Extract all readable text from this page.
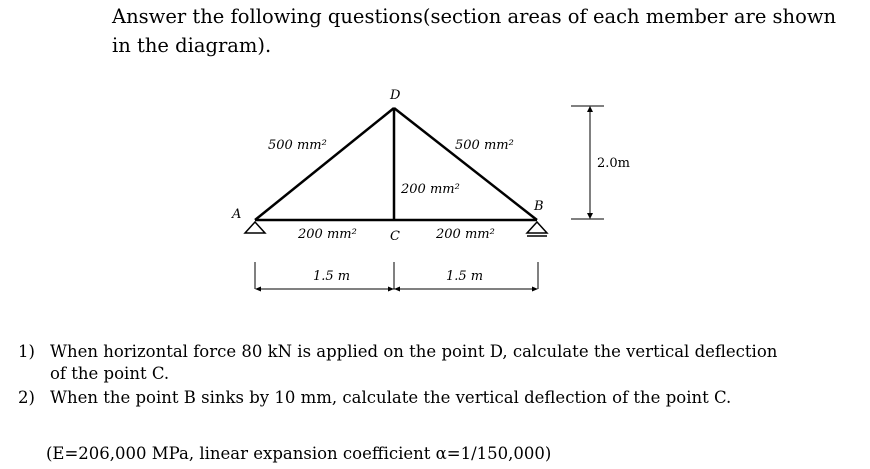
Answer the following questions(section areas of each member are shown in the diagram).

D
A
C
B
500 mm²	500 mm²
200 mm²
200 mm²	200 mm²
1.5 m	1.5 m
2.0m

1) When horizontal force 80 kN is applied on the point D, calculate the vertical deflection

of the point C.

2) When the point B sinks by 10 mm, calculate the vertical deflection of the point C.

(E=206,000 MPa, linear expansion coefficient α=1/150,000)
